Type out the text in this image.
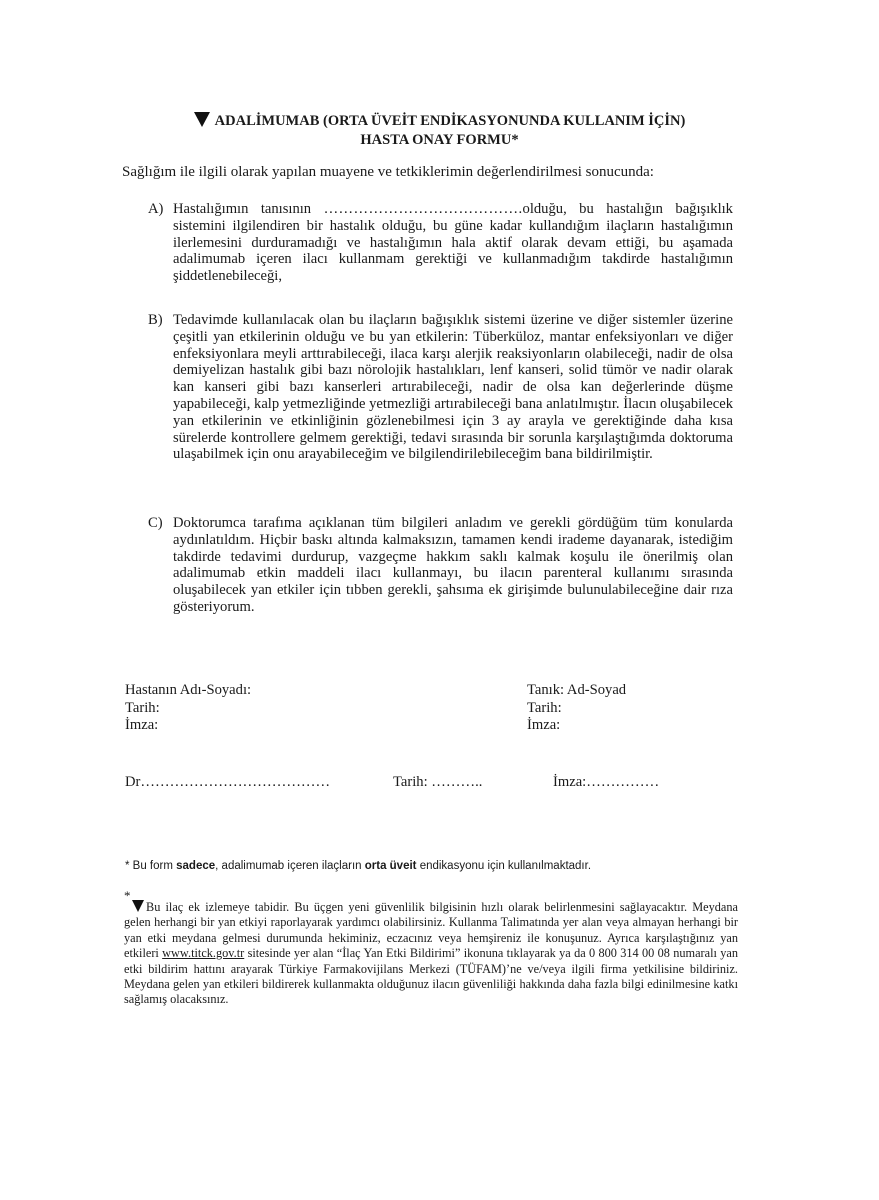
ADALİMUMAB (ORTA ÜVEİT ENDİKASYONUNDA KULLANIM İÇİN)
HASTA ONAY FORMU*
Sağlığım ile ilgili olarak yapılan muayene ve tetkiklerimin değerlendirilmesi sonucunda:
A) Hastalığımın tanısının ………………………………….olduğu, bu hastalığın bağışıklık sistemini ilgilendiren bir hastalık olduğu, bu güne kadar kullandığım ilaçların hastalığımın ilerlemesini durduramadığı ve hastalığımın hala aktif olarak devam ettiği, bu aşamada adalimumab içeren ilacı kullanmam gerektiği ve kullanmadığım takdirde hastalığımın şiddetlenebileceği,
B) Tedavimde kullanılacak olan bu ilaçların bağışıklık sistemi üzerine ve diğer sistemler üzerine çeşitli yan etkilerinin olduğu ve bu yan etkilerin: Tüberküloz, mantar enfeksiyonları ve diğer enfeksiyonlara meyli arttırabileceği, ilaca karşı alerjik reaksiyonların olabileceği, nadir de olsa demiyelizan hastalık gibi bazı nörolojik hastalıkları, lenf kanseri, solid tümör ve nadir olarak kan kanseri gibi bazı kanserleri artırabileceği, nadir de olsa kan değerlerinde düşme yapabileceği, kalp yetmezliğinde yetmezliği artırabileceği bana anlatılmıştır. İlacın oluşabilecek yan etkilerinin ve etkinliğinin gözlenebilmesi için 3 ay arayla ve gerektiğinde daha kısa sürelerde kontrollere gelmem gerektiği, tedavi sırasında bir sorunla karşılaştığımda doktoruma ulaşabilmek için onu arayabileceğim ve bilgilendirilebileceğim bana bildirilmiştir.
C) Doktorumca tarafıma açıklanan tüm bilgileri anladım ve gerekli gördüğüm tüm konularda aydınlatıldım. Hiçbir baskı altında kalmaksızın, tamamen kendi irademe dayanarak, istediğim takdirde tedavimi durdurup, vazgeçme hakkım saklı kalmak koşulu ile önerilmiş olan adalimumab etkin maddeli ilacı kullanmayı, bu ilacın parenteral kullanımı sırasında oluşabilecek yan etkiler için tıbben gerekli, şahsıma ek girişimde bulunulabileceğine dair rıza gösteriyorum.
Hastanın Adı-Soyadı:
Tarih:
İmza:
Tanık: Ad-Soyad
Tarih:
İmza:
Dr…………………………………	Tarih: ………..	İmza:……………
* Bu form sadece, adalimumab içeren ilaçların orta üveit endikasyonu için kullanılmaktadır.
*
Bu ilaç ek izlemeye tabidir. Bu üçgen yeni güvenlilik bilgisinin hızlı olarak belirlenmesini sağlayacaktır. Meydana gelen herhangi bir yan etkiyi raporlayarak yardımcı olabilirsiniz. Kullanma Talimatında yer alan veya almayan herhangi bir yan etki meydana gelmesi durumunda hekiminiz, eczacınız veya hemşireniz ile konuşunuz. Ayrıca karşılaştığınız yan etkileri www.titck.gov.tr sitesinde yer alan “İlaç Yan Etki Bildirimi” ikonuna tıklayarak ya da 0 800 314 00 08 numaralı yan etki bildirim hattını arayarak Türkiye Farmakovijilans Merkezi (TÜFAM)’ne ve/veya ilgili firma yetkilisine bildiriniz. Meydana gelen yan etkileri bildirerek kullanmakta olduğunuz ilacın güvenliliği hakkında daha fazla bilgi edinilmesine katkı sağlamış olacaksınız.
